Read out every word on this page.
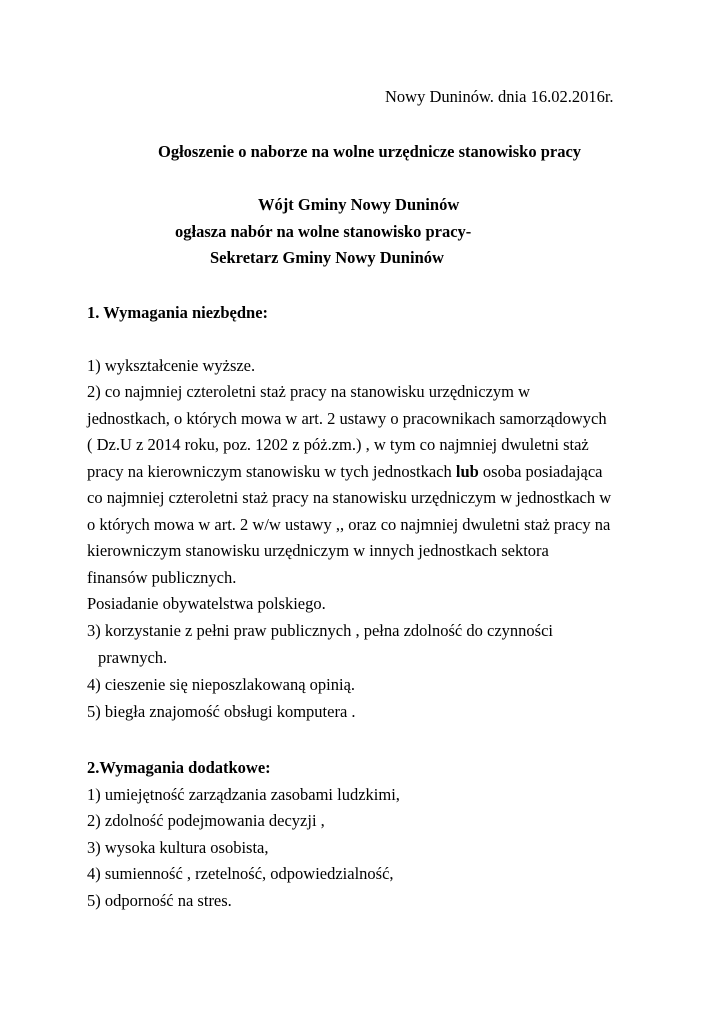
Nowy Duninów. dnia 16.02.2016r.
Ogłoszenie o naborze na wolne urzędnicze stanowisko pracy
Wójt Gminy Nowy Duninów
ogłasza nabór na wolne stanowisko pracy-
Sekretarz Gminy Nowy Duninów
1. Wymagania niezbędne:
1) wykształcenie wyższe.
2) co najmniej czteroletni staż pracy na stanowisku urzędniczym w
jednostkach, o których mowa w art. 2 ustawy o pracownikach samorządowych
( Dz.U z 2014 roku, poz. 1202 z póż.zm.) , w tym co najmniej dwuletni staż
pracy na kierowniczym stanowisku w tych jednostkach lub osoba posiadająca
co najmniej czteroletni staż pracy na stanowisku urzędniczym w jednostkach w
o których mowa w art. 2 w/w ustawy ,, oraz co najmniej dwuletni staż pracy na
kierowniczym stanowisku urzędniczym w innych jednostkach sektora
finansów publicznych.
Posiadanie obywatelstwa polskiego.
3) korzystanie z pełni praw publicznych , pełna zdolność do czynności
prawnych.
4) cieszenie się nieposzlakowaną opinią.
5) biegła znajomość obsługi komputera .
2.Wymagania dodatkowe:
1) umiejętność zarządzania zasobami ludzkimi,
2) zdolność podejmowania decyzji ,
3) wysoka kultura osobista,
4) sumienność , rzetelność, odpowiedzialność,
5) odporność na stres.
